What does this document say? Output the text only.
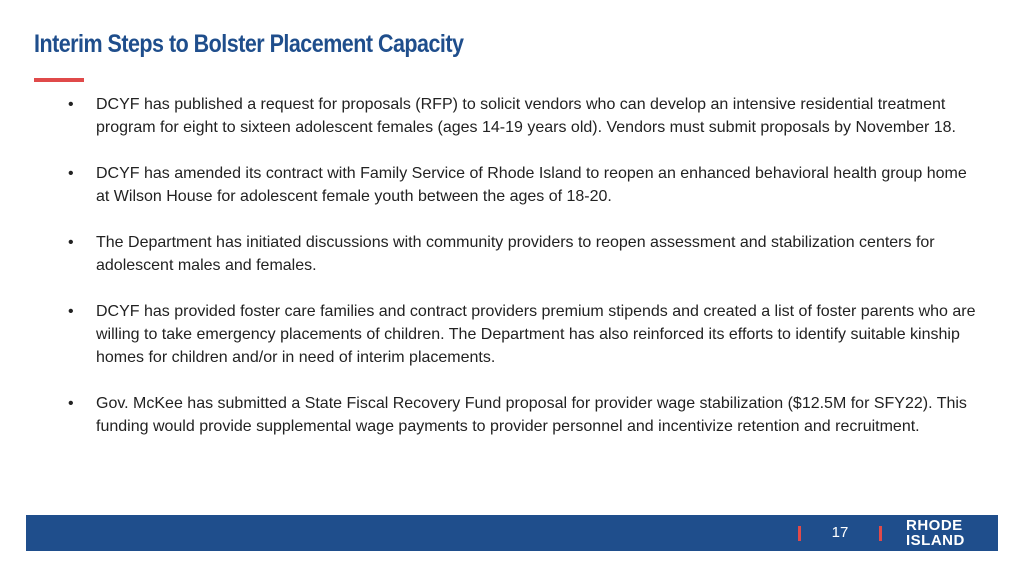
Interim Steps to Bolster Placement Capacity
• DCYF has published a request for proposals (RFP) to solicit vendors who can develop an intensive residential treatment program for eight to sixteen adolescent females (ages 14-19 years old). Vendors must submit proposals by November 18.
• DCYF has amended its contract with Family Service of Rhode Island to reopen an enhanced behavioral health group home at Wilson House for adolescent female youth between the ages of 18-20.
• The Department has initiated discussions with community providers to reopen assessment and stabilization centers for adolescent males and females.
• DCYF has provided foster care families and contract providers premium stipends and created a list of foster parents who are willing to take emergency placements of children. The Department has also reinforced its efforts to identify suitable kinship homes for children and/or in need of interim placements.
• Gov. McKee has submitted a State Fiscal Recovery Fund proposal for provider wage stabilization ($12.5M for SFY22). This funding would provide supplemental wage payments to provider personnel and incentivize retention and recruitment.
17	RHODE
ISLAND
